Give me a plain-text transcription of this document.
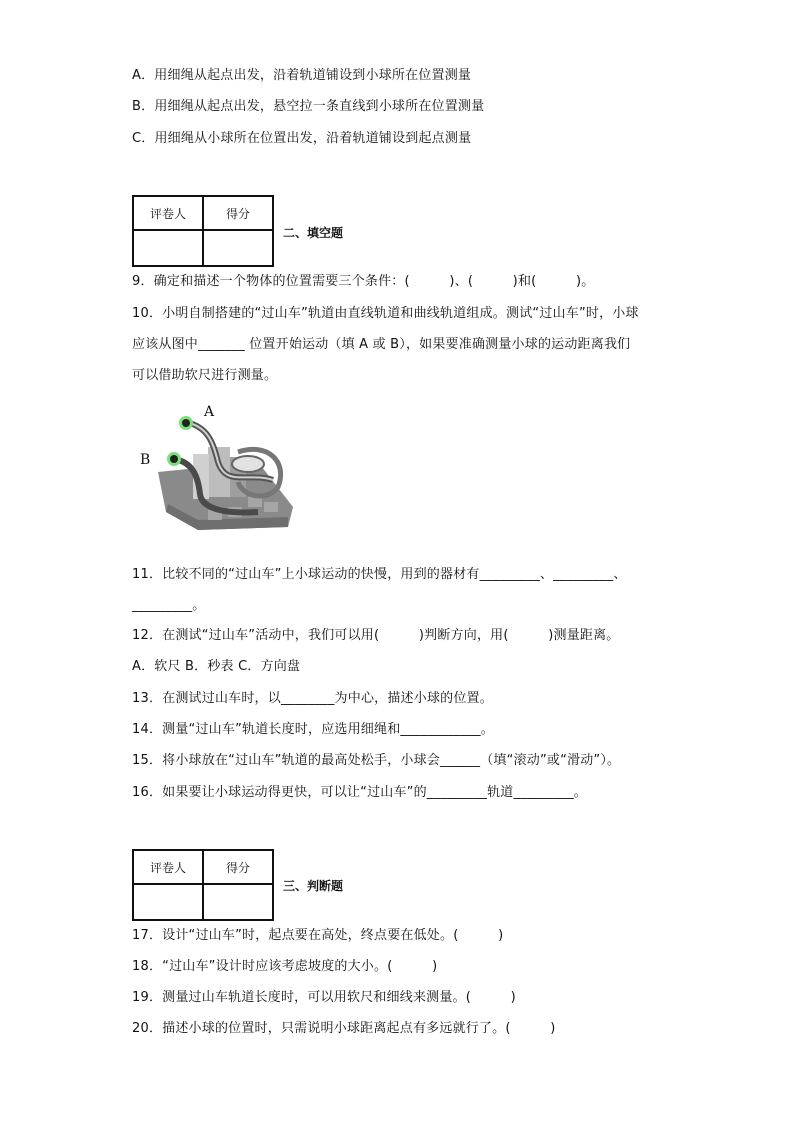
A．用细绳从起点出发，沿着轨道铺设到小球所在位置测量
B．用细绳从起点出发，悬空拉一条直线到小球所在位置测量
C．用细绳从小球所在位置出发，沿着轨道铺设到起点测量
评卷人	得分

二、填空题
9．确定和描述一个物体的位置需要三个条件：(　　　)、(　　　)和(　　　)。
10．小明自制搭建的“过山车”轨道由直线轨道和曲线轨道组成。测试“过山车”时，小球
应该从图中_______ 位置开始运动（填 A 或 B），如果要准确测量小球的运动距离我们
可以借助软尺进行测量。
A
B
11．比较不同的“过山车”上小球运动的快慢，用到的器材有_________、_________、
_________。
12．在测试“过山车”活动中，我们可以用(　　　)判断方向，用(　　　)测量距离。
A．软尺 B．秒表 C．方向盘
13．在测试过山车时，以________为中心，描述小球的位置。
14．测量“过山车”轨道长度时，应选用细绳和____________。
15．将小球放在“过山车”轨道的最高处松手，小球会______（填“滚动”或“滑动”）。
16．如果要让小球运动得更快，可以让“过山车”的_________轨道_________。
评卷人	得分

三、判断题
17．设计“过山车”时，起点要在高处，终点要在低处。(　　　)
18．“过山车”设计时应该考虑坡度的大小。(　　　)
19．测量过山车轨道长度时，可以用软尺和细线来测量。(　　　)
20．描述小球的位置时，只需说明小球距离起点有多远就行了。(　　　)
